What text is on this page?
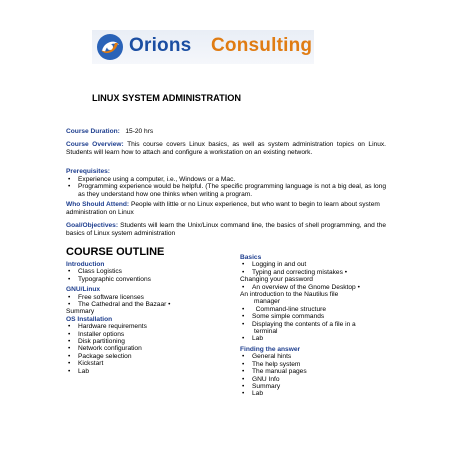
Orions Consulting
LINUX SYSTEM ADMINISTRATION
Course Duration: 15-20 hrs
Course Overview: This course covers Linux basics, as well as system administration topics on Linux. Students will learn how to attach and configure a workstation on an existing network.
Prerequisites:
• Experience using a computer, i.e., Windows or a Mac.
• Programming experience would be helpful. (The specific programming language is not a big deal, as long as they understand how one thinks when writing a program.
Who Should Attend: People with little or no Linux experience, but who want to begin to learn about system administration on Linux
Goal/Objectives: Students will learn the Unix/Linux command line, the basics of shell programming, and the basics of Linux system administration
COURSE OUTLINE
Introduction
• Class Logistics
• Typographic conventions
GNU/Linux
• Free software licenses
• The Cathedral and the Bazaar •
Summary
OS Installation
• Hardware requirements
• Installer options
• Disk partitioning
• Network configuration
• Package selection
• Kickstart
• Lab
Basics
• Logging in and out
• Typing and correcting mistakes •
Changing your password
• An overview of the Gnome Desktop •
An introduction to the Nautilus file
manager
• Command-line structure
• Some simple commands
• Displaying the contents of a file in a
terminal
• Lab
Finding the answer
• General hints
• The help system
• The manual pages
• GNU Info
• Summary
• Lab
